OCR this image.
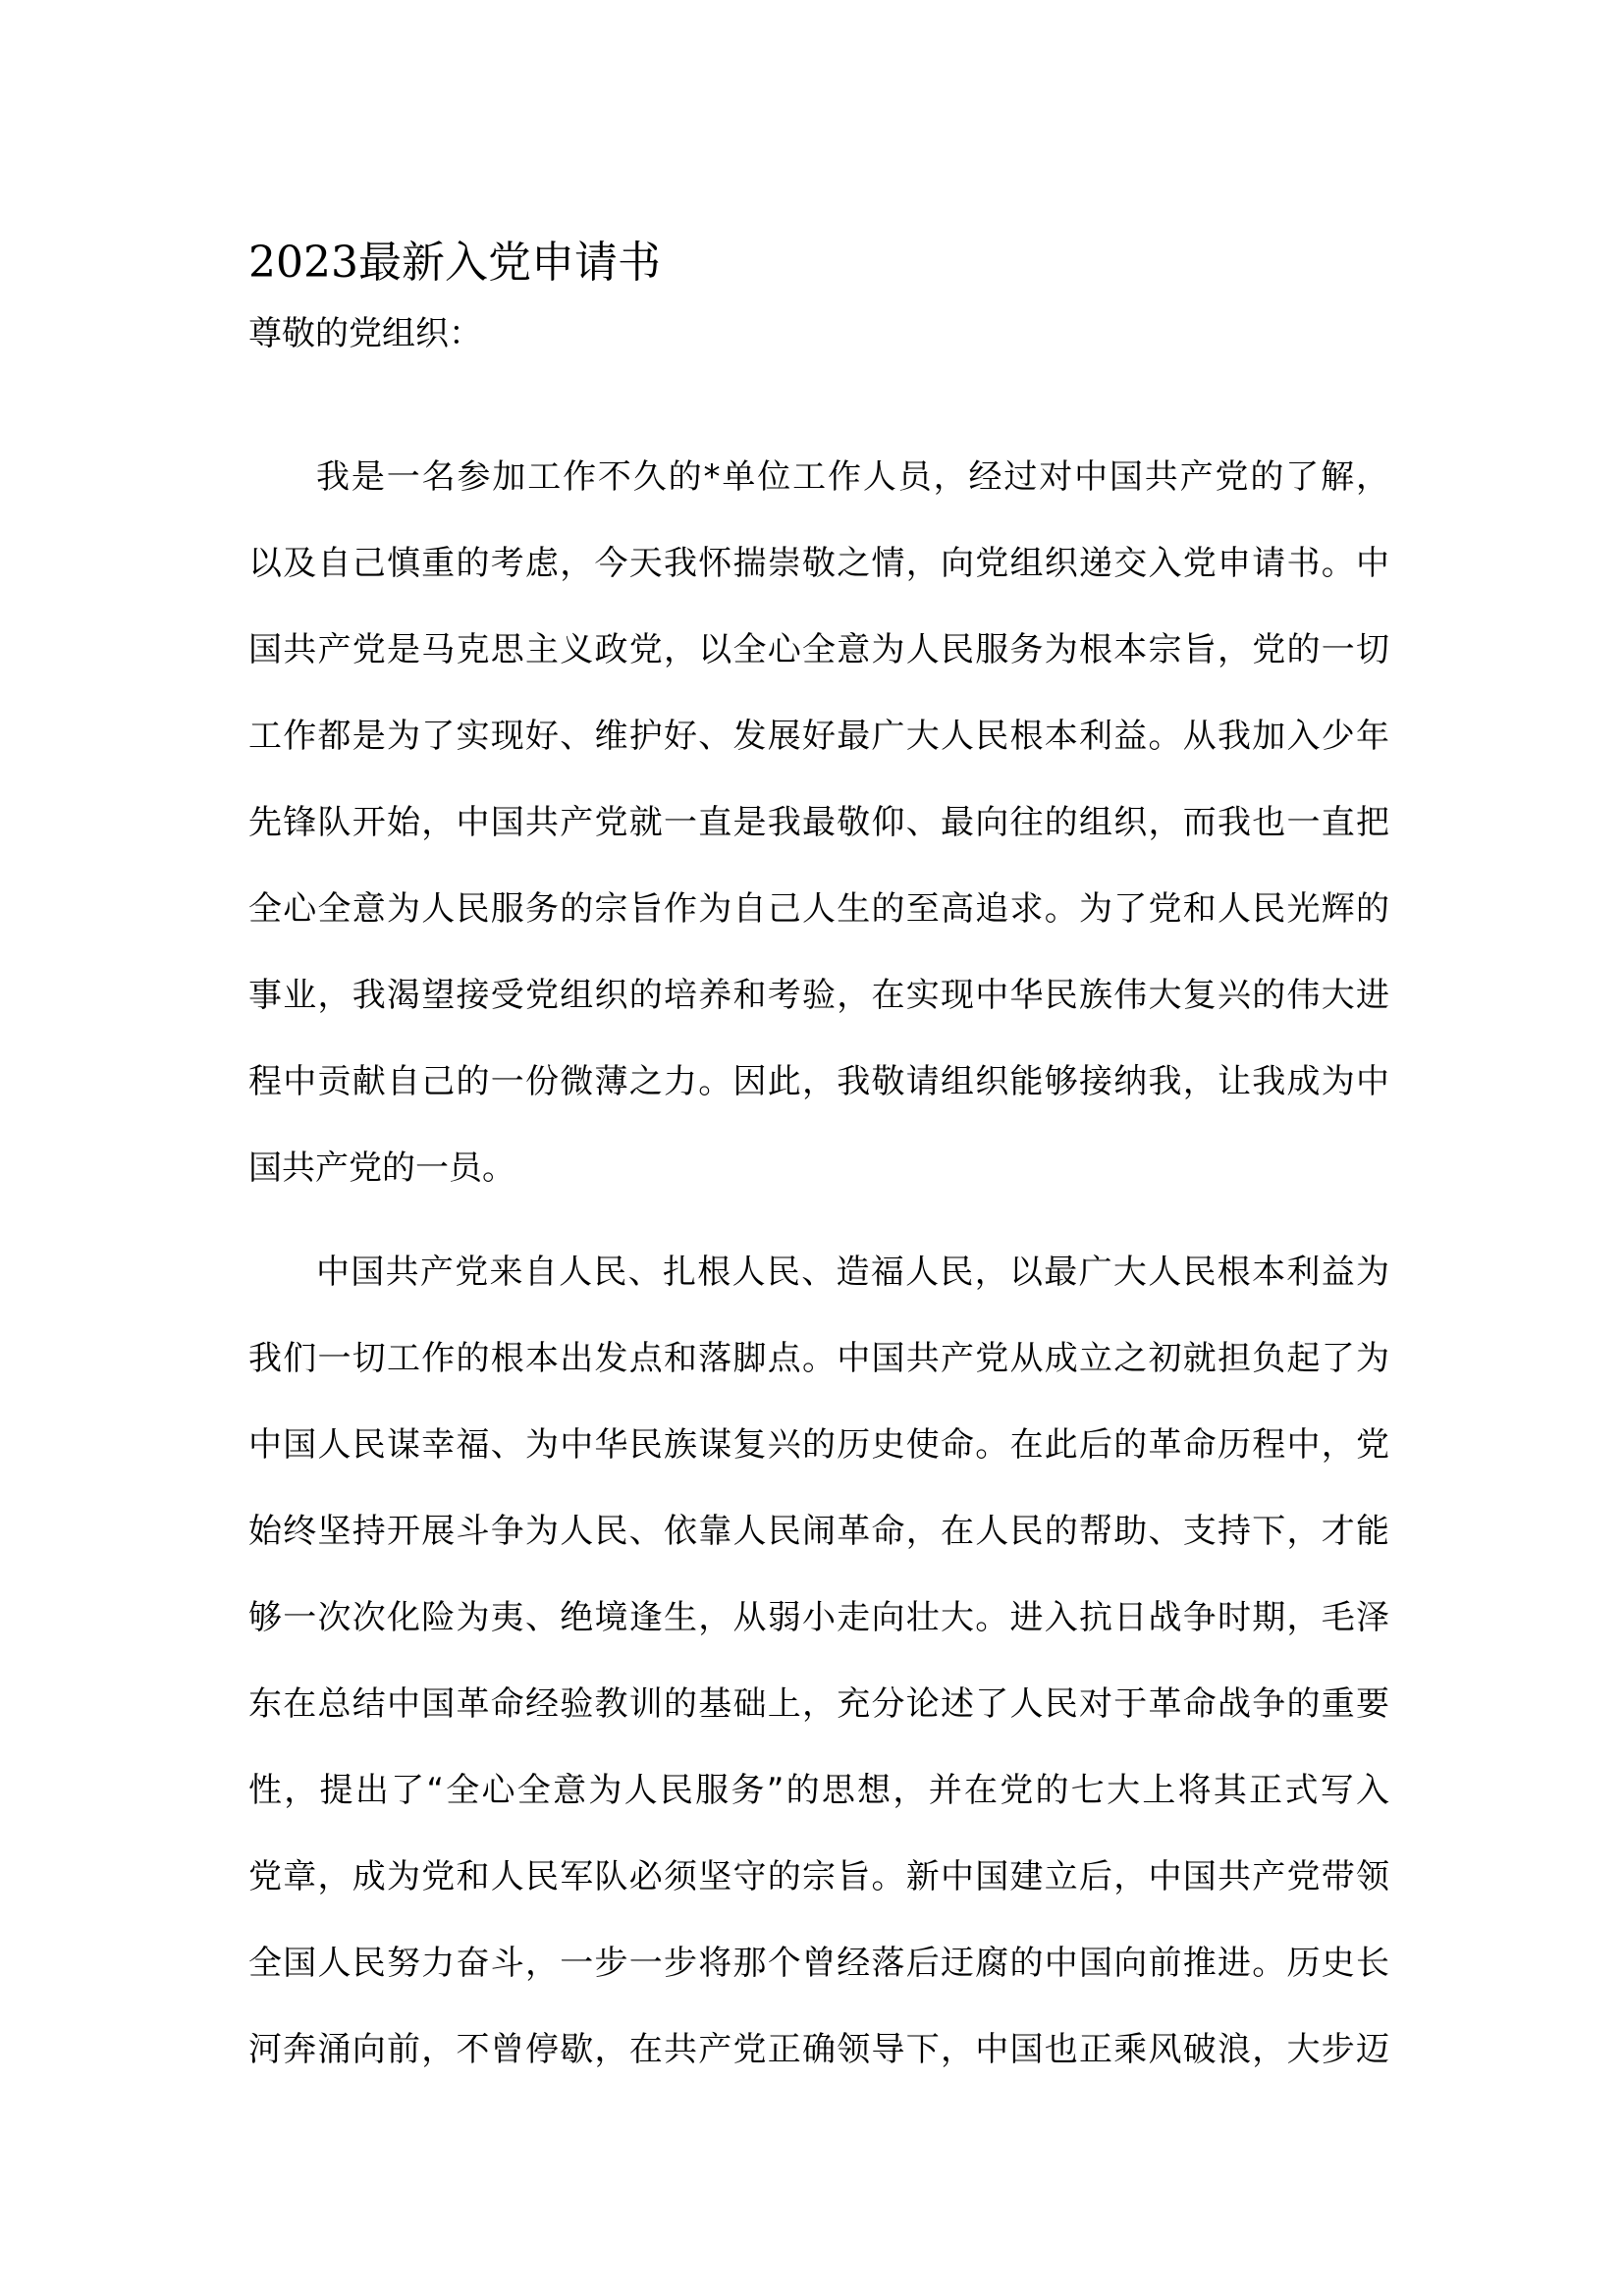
2023最新入党申请书
尊敬的党组织：
我是一名参加工作不久的*单位工作人员，经过对中国共产党的了解，
以及自己慎重的考虑，今天我怀揣崇敬之情，向党组织递交入党申请书。中
国共产党是马克思主义政党，以全心全意为人民服务为根本宗旨，党的一切
工作都是为了实现好、维护好、发展好最广大人民根本利益。从我加入少年
先锋队开始，中国共产党就一直是我最敬仰、最向往的组织，而我也一直把
全心全意为人民服务的宗旨作为自己人生的至高追求。为了党和人民光辉的
事业，我渴望接受党组织的培养和考验，在实现中华民族伟大复兴的伟大进
程中贡献自己的一份微薄之力。因此，我敬请组织能够接纳我，让我成为中
国共产党的一员。
中国共产党来自人民、扎根人民、造福人民，以最广大人民根本利益为
我们一切工作的根本出发点和落脚点。中国共产党从成立之初就担负起了为
中国人民谋幸福、为中华民族谋复兴的历史使命。在此后的革命历程中，党
始终坚持开展斗争为人民、依靠人民闹革命，在人民的帮助、支持下，才能
够一次次化险为夷、绝境逢生，从弱小走向壮大。进入抗日战争时期，毛泽
东在总结中国革命经验教训的基础上，充分论述了人民对于革命战争的重要
性，提出了“全心全意为人民服务”的思想，并在党的七大上将其正式写入
党章，成为党和人民军队必须坚守的宗旨。新中国建立后，中国共产党带领
全国人民努力奋斗，一步一步将那个曾经落后迂腐的中国向前推进。历史长
河奔涌向前，不曾停歇，在共产党正确领导下，中国也正乘风破浪，大步迈
